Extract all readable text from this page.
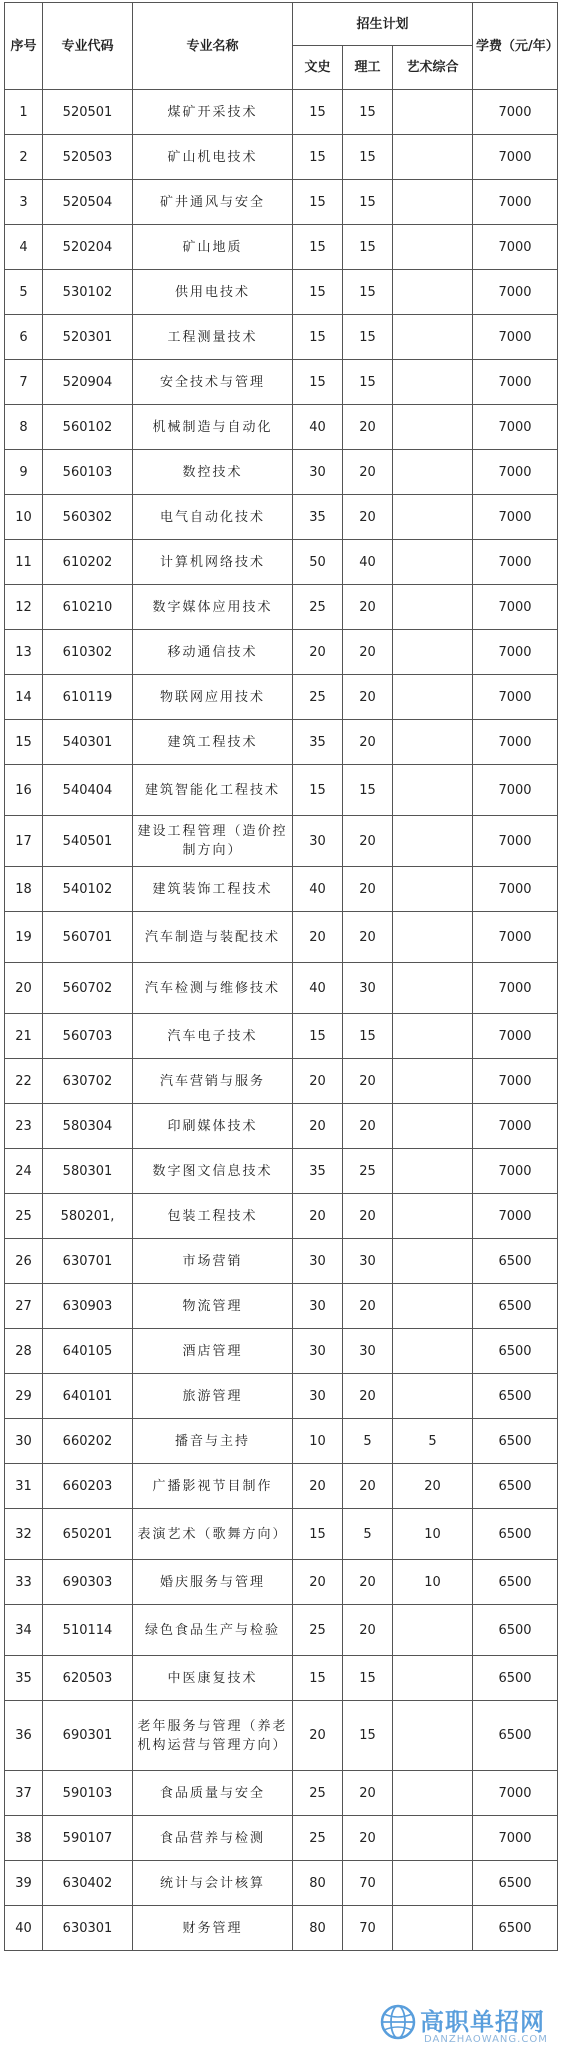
序号	专业代码	专业名称	招生计划			学费（元/年）
			文史	理工	艺术综合	
1	520501	煤矿开采技术	15	15		7000
2	520503	矿山机电技术	15	15		7000
3	520504	矿井通风与安全	15	15		7000
4	520204	矿山地质	15	15		7000
5	530102	供用电技术	15	15		7000
6	520301	工程测量技术	15	15		7000
7	520904	安全技术与管理	15	15		7000
8	560102	机械制造与自动化	40	20		7000
9	560103	数控技术	30	20		7000
10	560302	电气自动化技术	35	20		7000
11	610202	计算机网络技术	50	40		7000
12	610210	数字媒体应用技术	25	20		7000
13	610302	移动通信技术	20	20		7000
14	610119	物联网应用技术	25	20		7000
15	540301	建筑工程技术	35	20		7000
16	540404	建筑智能化工程技术	15	15		7000
17	540501	建设工程管理（造价控制方向）	30	20		7000
18	540102	建筑装饰工程技术	40	20		7000
19	560701	汽车制造与装配技术	20	20		7000
20	560702	汽车检测与维修技术	40	30		7000
21	560703	汽车电子技术	15	15		7000
22	630702	汽车营销与服务	20	20		7000
23	580304	印刷媒体技术	20	20		7000
24	580301	数字图文信息技术	35	25		7000
25	580201,	包装工程技术	20	20		7000
26	630701	市场营销	30	30		6500
27	630903	物流管理	30	20		6500
28	640105	酒店管理	30	30		6500
29	640101	旅游管理	30	20		6500
30	660202	播音与主持	10	5	5	6500
31	660203	广播影视节目制作	20	20	20	6500
32	650201	表演艺术（歌舞方向）	15	5	10	6500
33	690303	婚庆服务与管理	20	20	10	6500
34	510114	绿色食品生产与检验	25	20		6500
35	620503	中医康复技术	15	15		6500
36	690301	老年服务与管理（养老机构运营与管理方向）	20	15		6500
37	590103	食品质量与安全	25	20		7000
38	590107	食品营养与检测	25	20		7000
39	630402	统计与会计核算	80	70		6500
40	630301	财务管理	80	70		6500
高职单招网
DANZHAOWANG.COM
